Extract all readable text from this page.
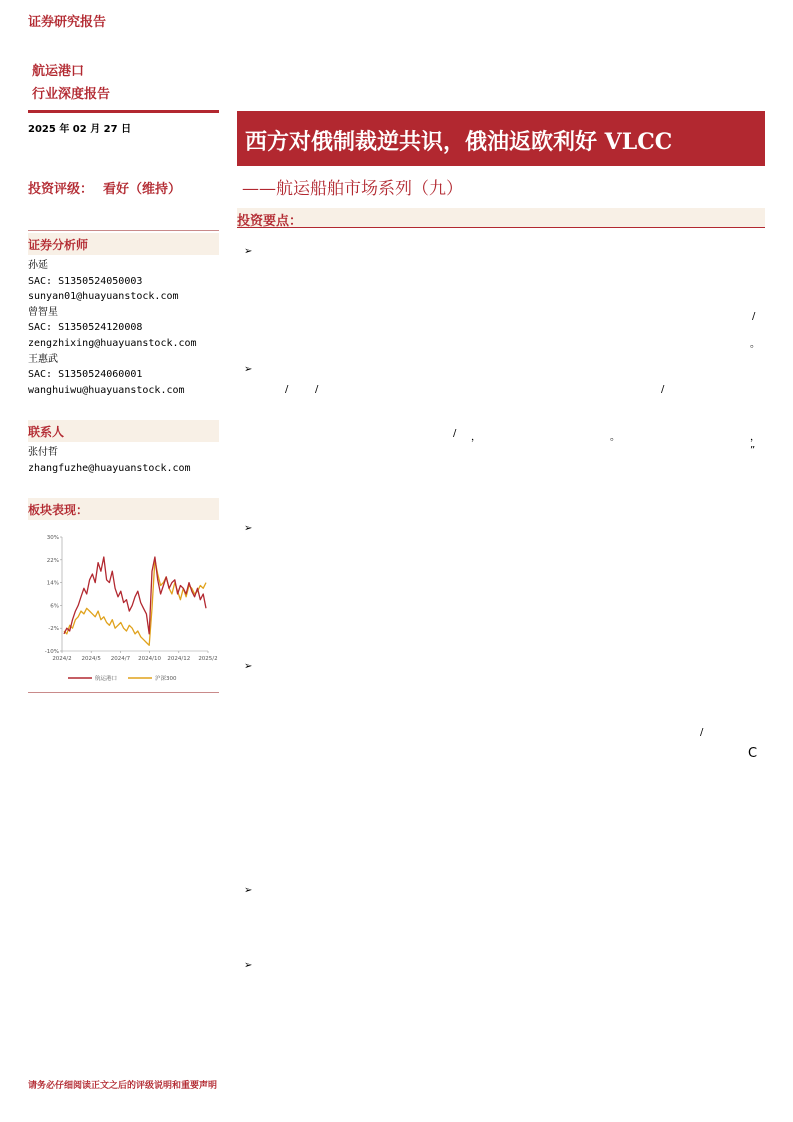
证券研究报告
航运港口
行业深度报告
2025 年 02 月 27 日
投资评级： 看好（维持）
证券分析师
孙延
SAC: S1350524050003
sunyan01@huayuanstock.com
曾智星
SAC: S1350524120008
zengzhixing@huayuanstock.com
王惠武
SAC: S1350524060001
wanghuiwu@huayuanstock.com
联系人
张付哲
zhangfuzhe@huayuanstock.com
板块表现：
30%
22%
14%
6%
-2%
-10%
2024/2 2024/5 2024/7 2024/10 2024/12 2025/2
航运港口	沪深300
西方对俄制裁逆共识，俄油返欧利好 VLCC
——航运船舶市场系列（九）
投资要点：
➢
➢
➢
➢
➢
➢
/
。
/	/	/
/ ，	。	，
”
/
C
请务必仔细阅读正文之后的评级说明和重要声明
